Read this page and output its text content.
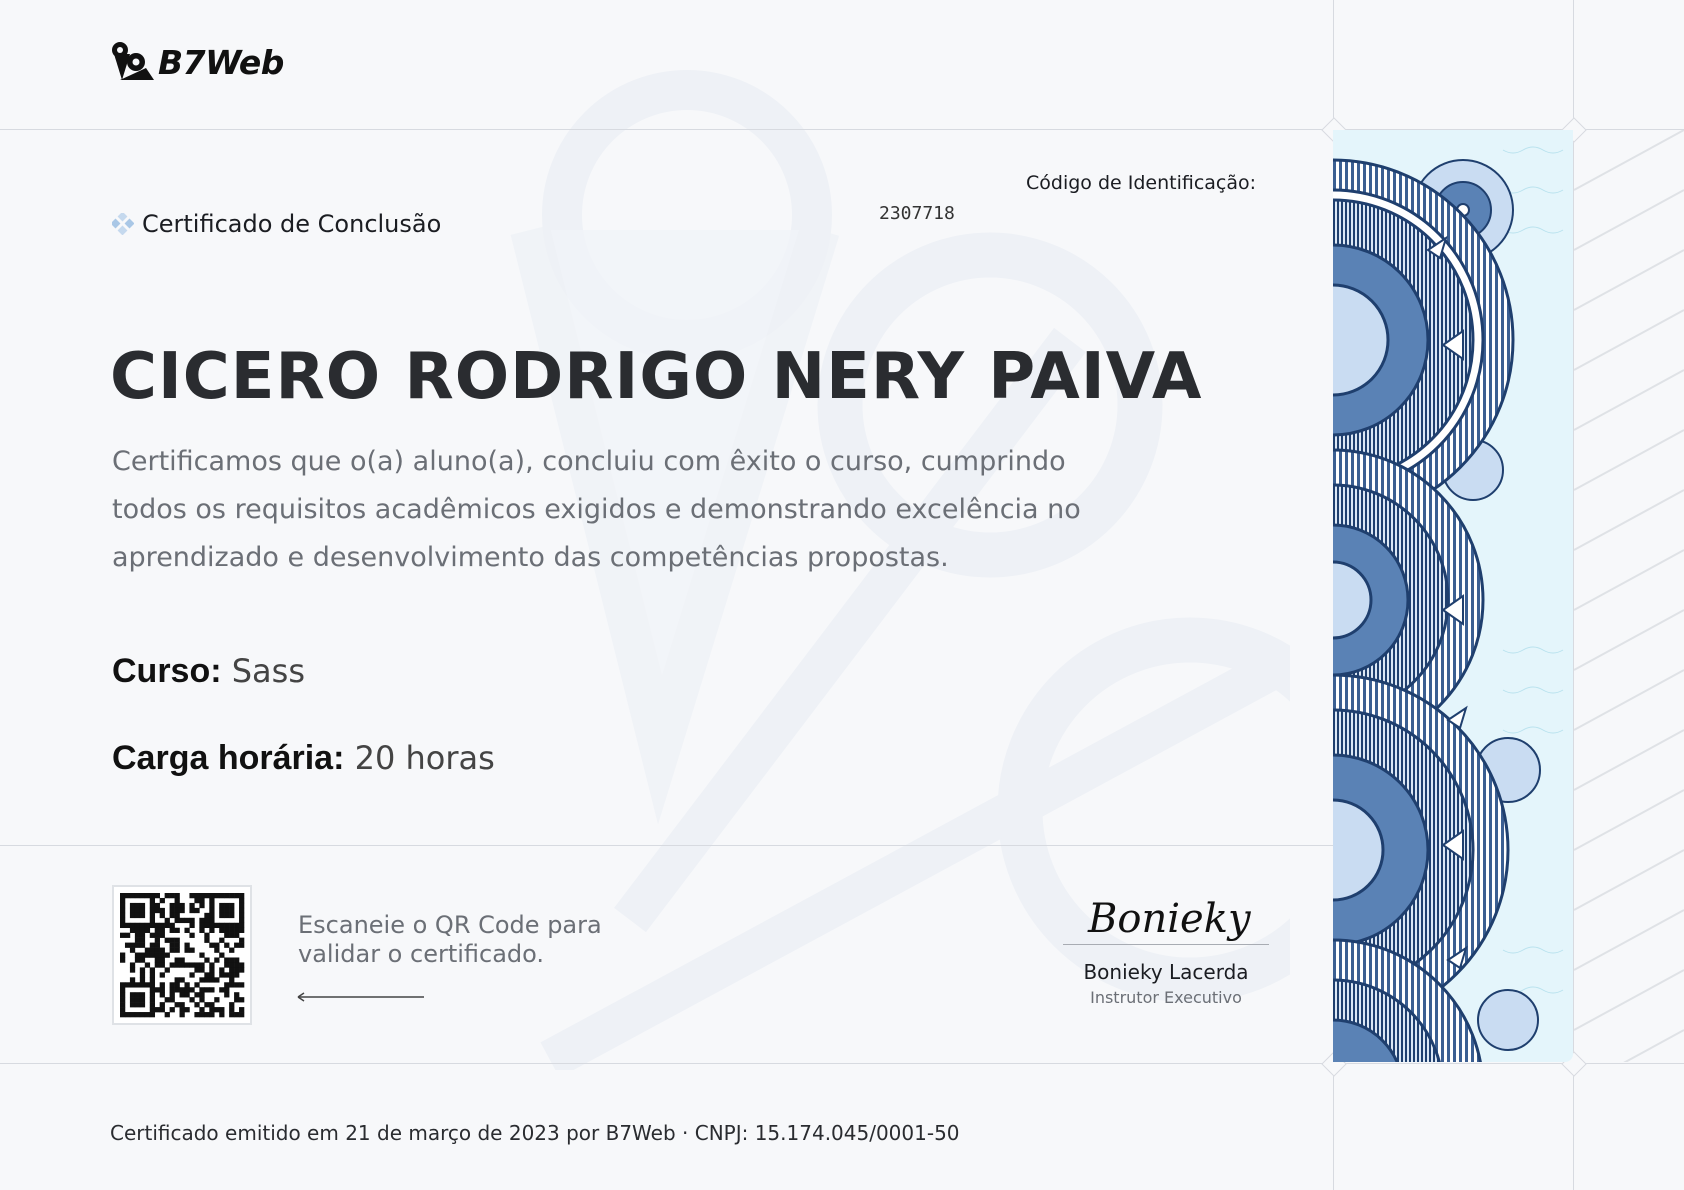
B7Web
Certificado de Conclusão
Código de Identificação:
2307718
CICERO RODRIGO NERY PAIVA
Certificamos que o(a) aluno(a), concluiu com êxito o curso, cumprindo todos os requisitos acadêmicos exigidos e demonstrando excelência no aprendizado e desenvolvimento das competências propostas.
Curso: Sass
Carga horária: 20 horas
Escaneie o QR Code para validar o certificado.
Bonieky
Bonieky Lacerda
Instrutor Executivo
Certificado emitido em 21 de março de 2023 por B7Web · CNPJ: 15.174.045/0001-50
